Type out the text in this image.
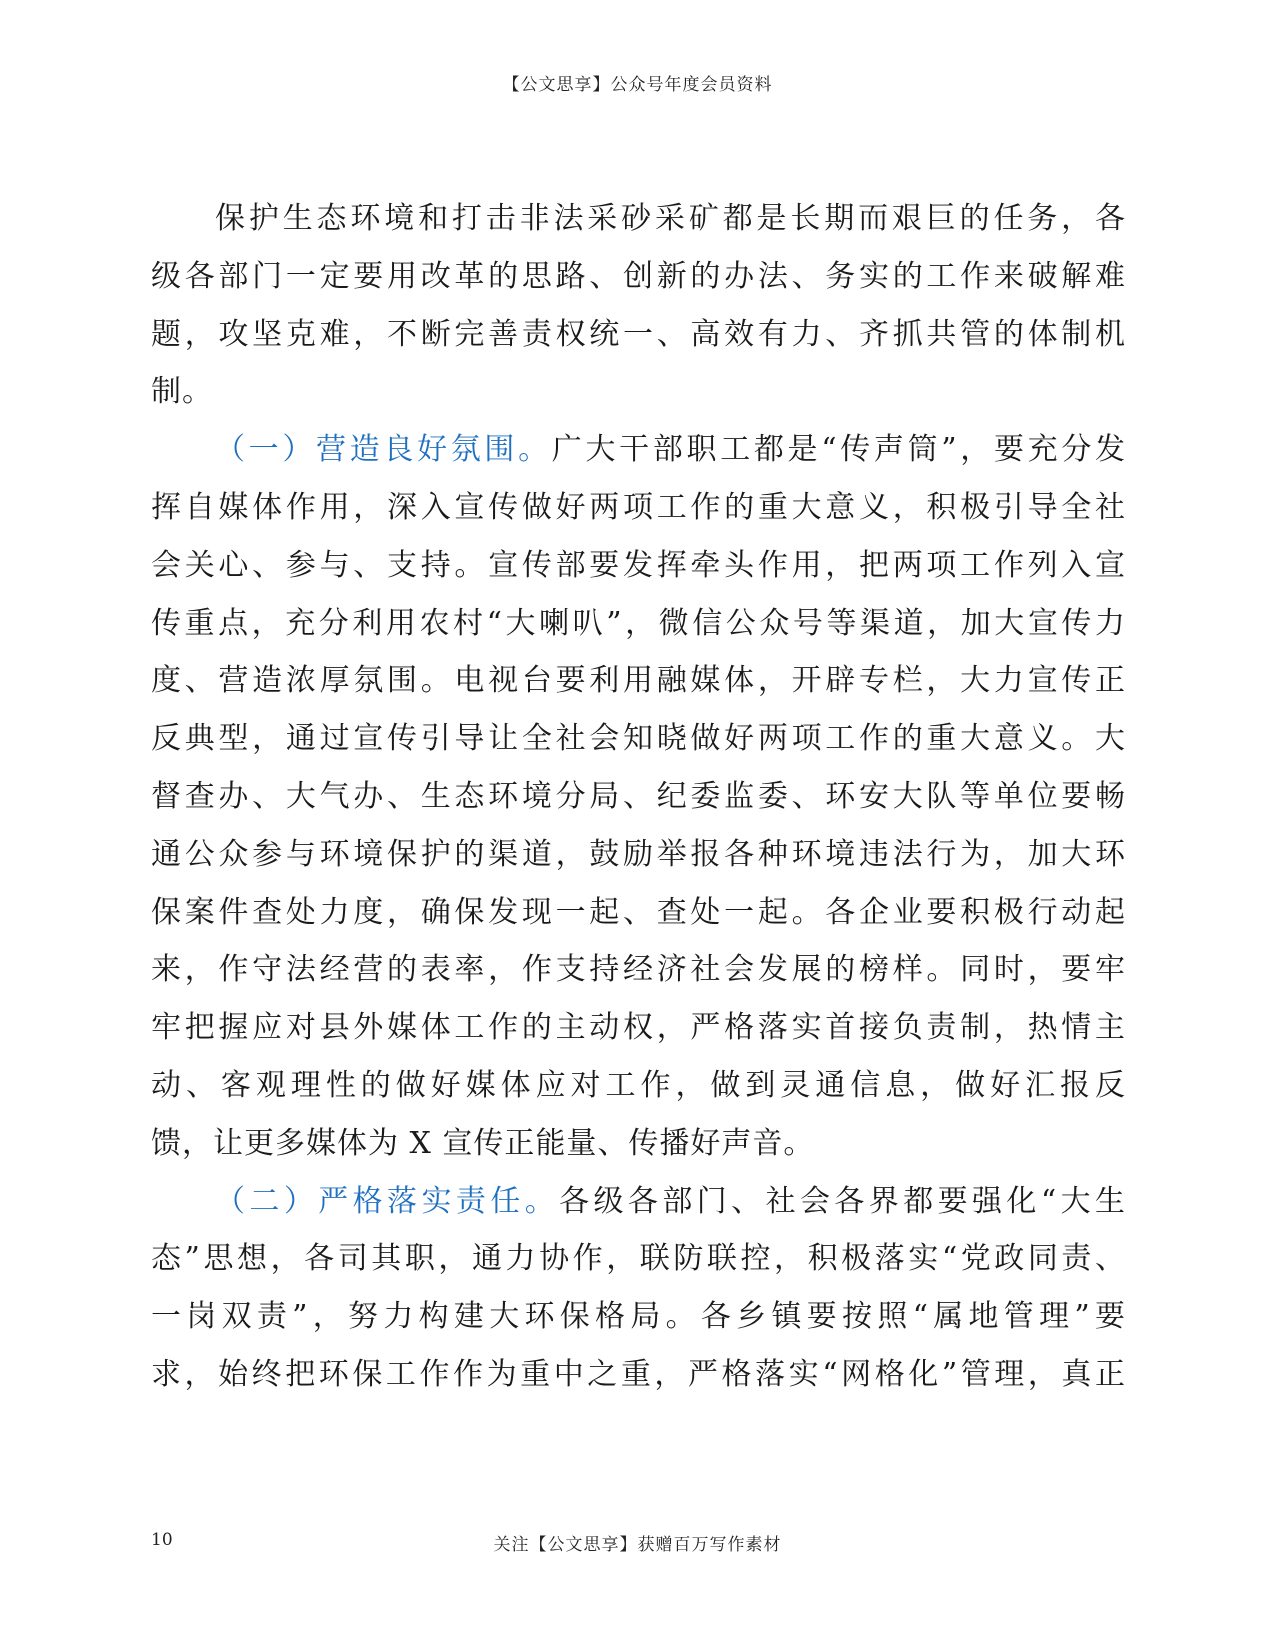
【公文思享】公众号年度会员资料
保护生态环境和打击非法采砂采矿都是长期而艰巨的任务，各
级各部门一定要用改革的思路、创新的办法、务实的工作来破解难
题，攻坚克难，不断完善责权统一、高效有力、齐抓共管的体制机
制。
（一）营造良好氛围。广大干部职工都是“传声筒”，要充分发
挥自媒体作用，深入宣传做好两项工作的重大意义，积极引导全社
会关心、参与、支持。宣传部要发挥牵头作用，把两项工作列入宣
传重点，充分利用农村“大喇叭”，微信公众号等渠道，加大宣传力
度、营造浓厚氛围。电视台要利用融媒体，开辟专栏，大力宣传正
反典型，通过宣传引导让全社会知晓做好两项工作的重大意义。大
督查办、大气办、生态环境分局、纪委监委、环安大队等单位要畅
通公众参与环境保护的渠道，鼓励举报各种环境违法行为，加大环
保案件查处力度，确保发现一起、查处一起。各企业要积极行动起
来，作守法经营的表率，作支持经济社会发展的榜样。同时，要牢
牢把握应对县外媒体工作的主动权，严格落实首接负责制，热情主
动、客观理性的做好媒体应对工作，做到灵通信息，做好汇报反
馈，让更多媒体为 X 宣传正能量、传播好声音。
（二）严格落实责任。各级各部门、社会各界都要强化“大生
态”思想，各司其职，通力协作，联防联控，积极落实“党政同责、
一岗双责”，努力构建大环保格局。各乡镇要按照“属地管理”要
求，始终把环保工作作为重中之重，严格落实“网格化”管理，真正
10	关注【公文思享】获赠百万写作素材
